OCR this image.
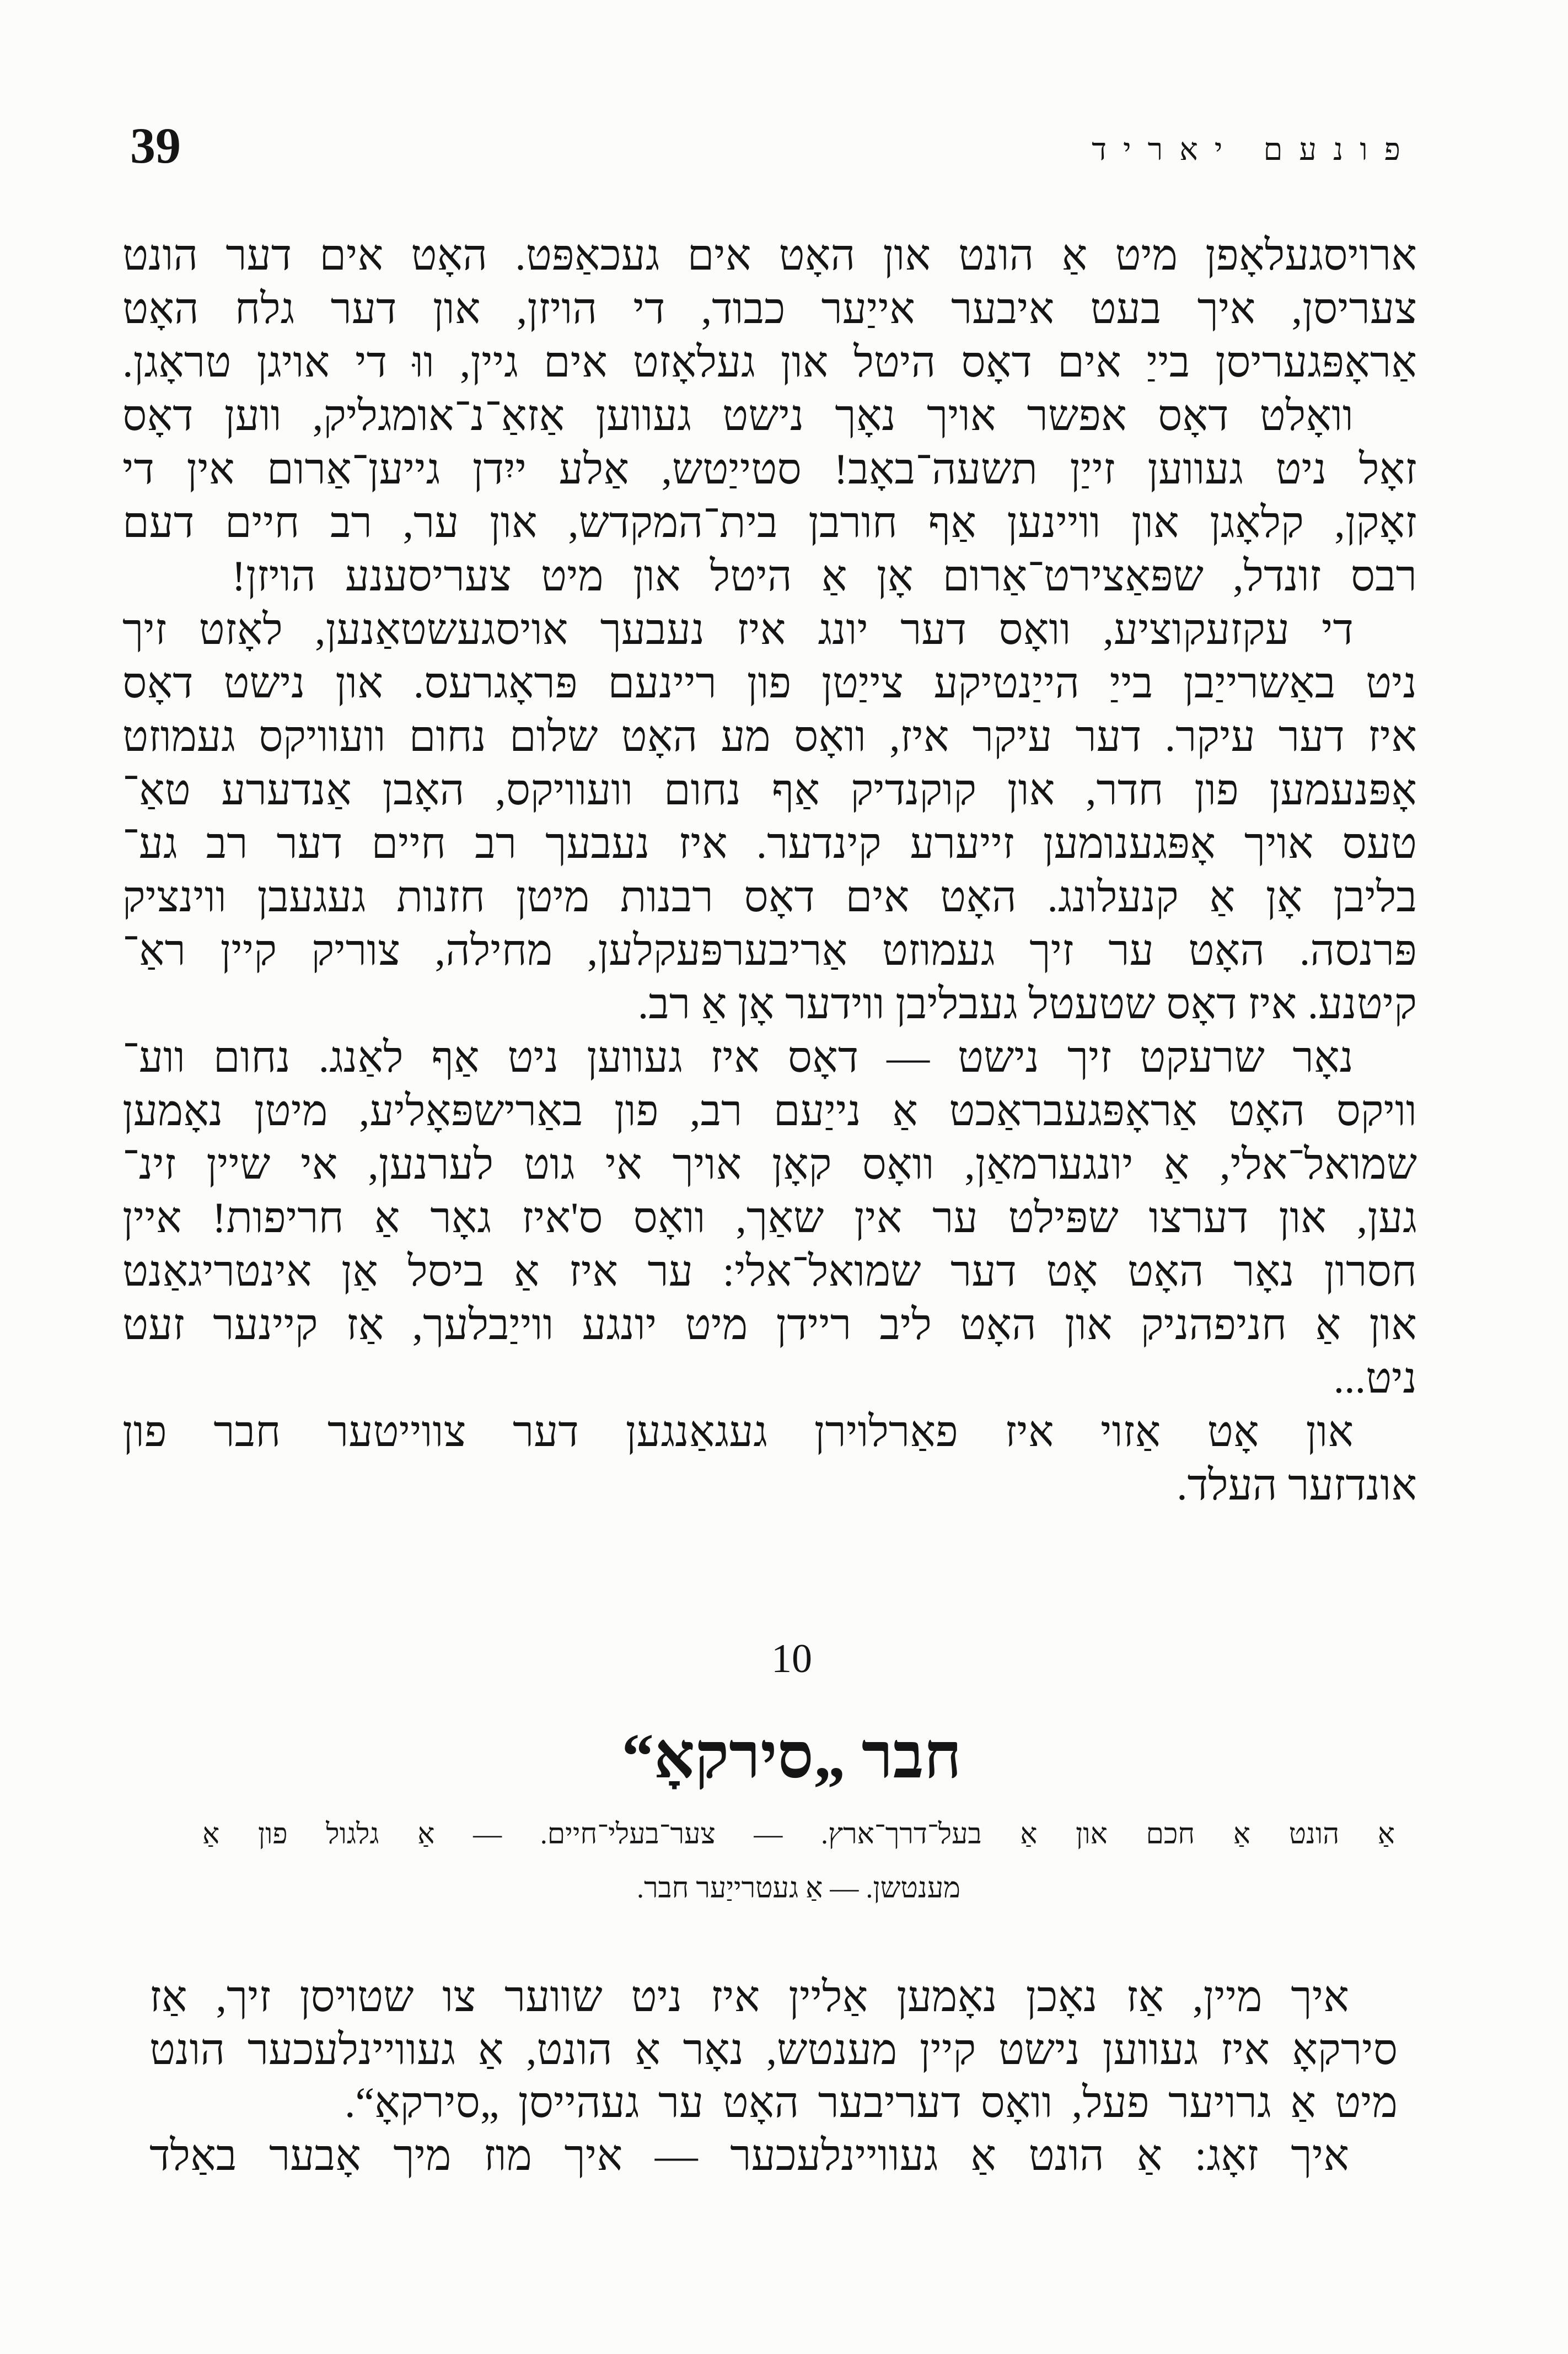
39	פונעם יאריד
ארויסגעלאָפן מיט אַ הונט און האָט אים געכאַפּט. האָט אים דער הונט
צעריסן, איך בעט איבער אייַער כבוד, די הויזן, און דער גלח האָט
אַראָפּגעריסן בייַ אים דאָס היטל און געלאָזט אים גיין, ווּ די אויגן טראָגן.
וואָלט דאָס אפשר אויך נאָך נישט געווען אַזאַ־נ־אומגליק, ווען דאָס
זאָל ניט געווען זייַן תשעה־באָב! סטייַטש, אַלע ייִדן גייען־אַרום אין די
זאָקן, קלאָגן און וויינען אַף חורבן בית־המקדש, און ער, רב חיים דעם
רבס זונדל, שפּאַצירט־אַרום אָן אַ היטל און מיט צעריסענע הויזן!
די עקזעקוציע, וואָס דער יונג איז נעבעך אויסגעשטאַנען, לאָזט זיך
ניט באַשרייַבן בייַ הייַנטיקע צייַטן פון ריינעם פּראָגרעס. און נישט דאָס
איז דער עיקר. דער עיקר איז, וואָס מע האָט שלום נחום וועוויקס געמוזט
אָפּנעמען פון חדר, און קוקנדיק אַף נחום וועוויקס, האָבן אַנדערע טאַ־
טעס אויך אָפּגענומען זייערע קינדער. איז נעבעך רב חיים דער רב גע־
בליבן אָן אַ קנעלונג. האָט אים דאָס רבנות מיטן חזנות געגעבן ווינציק
פּרנסה. האָט ער זיך געמוזט אַריבערפּעקלען, מחילה, צוריק קיין ראַ־
קיטנע. איז דאָס שטעטל געבליבן ווידער אָן אַ רב.
נאָר שרעקט זיך נישט — דאָס איז געווען ניט אַף לאַנג. נחום ווע־
וויקס האָט אַראָפּגעבראַכט אַ נייַעם רב, פון באַרישפּאָליע, מיטן נאָמען
שמואל־אלי, אַ יונגערמאַן, וואָס קאָן אויך אי גוט לערנען, אי שיין זינ־
גען, און דערצו שפּילט ער אין שאַך, וואָס ס'איז גאָר אַ חריפות! איין
חסרון נאָר האָט אָט דער שמואל־אלי: ער איז אַ ביסל אַן אינטריגאַנט
און אַ חניפהניק און האָט ליב ריידן מיט יונגע ווייַבלעך, אַז קיינער זעט
ניט...
און אָט אַזוי איז פאַרלוירן געגאַנגען דער צווייטער חבר פון
אונדזער העלד.
10
חבר „סירקאָ“
אַ הונט אַ חכם און אַ בעל־דרך־ארץ. — צער־בעלי־חיים. — אַ גלגול פון אַ
מענטשן. — אַ געטרייַער חבר.
איך מיין, אַז נאָכן נאָמען אַליין איז ניט שווער צו שטויסן זיך, אַז
סירקאָ איז געווען נישט קיין מענטש, נאָר אַ הונט, אַ געוויינלעכער הונט
מיט אַ גרויער פעל, וואָס דעריבער האָט ער געהייסן „סירקאָ“.
איך זאָג: אַ הונט אַ געוויינלעכער — איך מוז מיך אָבער באַלד
